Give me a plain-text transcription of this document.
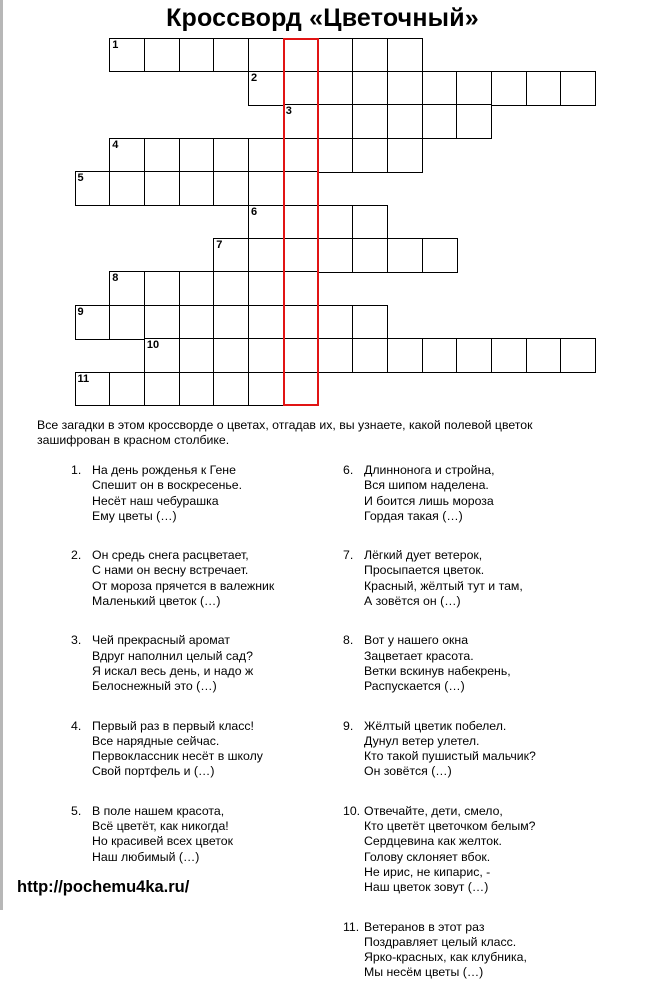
Кроссворд «Цветочный»
1
2
3
4
5
6
7
8
9
10
11
Все загадки в этом кроссворде о цветах, отгадав их, вы узнаете, какой полевой цветок зашифрован в красном столбике.
1. На день рожденья к Гене
Спешит он в воскресенье.
Несёт наш чебурашка
Ему цветы (…)
2. Он средь снега расцветает,
С нами он весну встречает.
От мороза прячется в валежник
Маленький цветок (…)
3. Чей прекрасный аромат
Вдруг наполнил целый сад?
Я искал весь день, и надо ж
Белоснежный это (…)
4. Первый раз в первый класс!
Все нарядные сейчас.
Первоклассник несёт в школу
Свой портфель и (…)
5. В поле нашем красота,
Всё цветёт, как никогда!
Но красивей всех цветок
Наш любимый (…)
6. Длиннонога и стройна,
Вся шипом наделена.
И боится лишь мороза
Гордая такая (…)
7. Лёгкий дует ветерок,
Просыпается цветок.
Красный, жёлтый тут и там,
А зовётся он (…)
8. Вот у нашего окна
Зацветает красота.
Ветки вскинув набекрень,
Распускается (…)
9. Жёлтый цветик побелел.
Дунул ветер улетел.
Кто такой пушистый мальчик?
Он зовётся (…)
10. Отвечайте, дети, смело,
Кто цветёт цветочком белым?
Сердцевина как желток.
Голову склоняет вбок.
Не ирис, не кипарис, -
Наш цветок зовут (…)
11. Ветеранов в этот раз
Поздравляет целый класс.
Ярко-красных, как клубника,
Мы несём цветы (…)
http://pochemu4ka.ru/
